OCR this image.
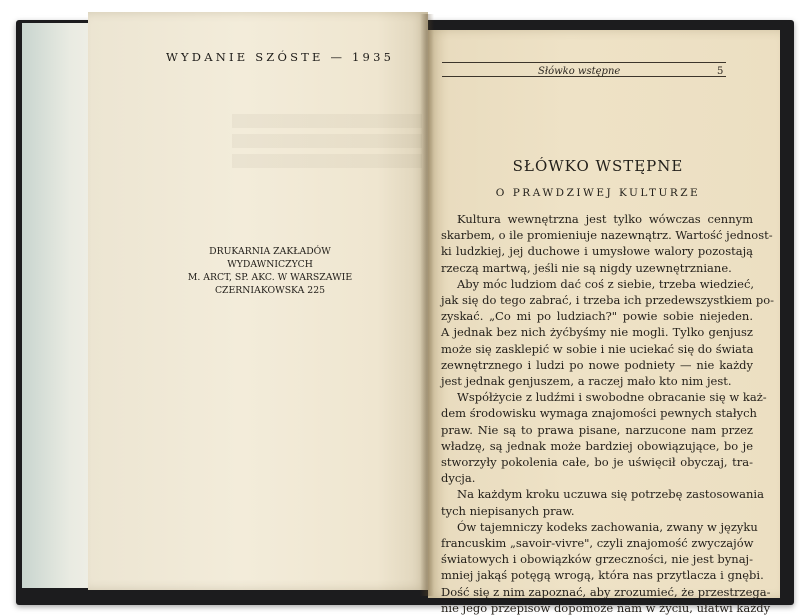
WYDANIE SZÓSTE — 1935
DRUKARNIA ZAKŁADÓW WYDAWNICZYCH
M. ARCT, SP. AKC. W WARSZAWIE
CZERNIAKOWSKA 225
Słówko wstępne	5
SŁÓWKO WSTĘPNE
O PRAWDZIWEJ KULTURZE
Kultura wewnętrzna jest tylko wówczas cennym
skarbem, o ile promieniuje nazewnątrz. Wartość jednost-
ki ludzkiej, jej duchowe i umysłowe walory pozostają
rzeczą martwą, jeśli nie są nigdy uzewnętrzniane.
Aby móc ludziom dać coś z siebie, trzeba wiedzieć,
jak się do tego zabrać, i trzeba ich przedewszystkiem po-
zyskać. „Co mi po ludziach?" powie sobie niejeden.
A jednak bez nich żyćbyśmy nie mogli. Tylko genjusz
może się zasklepić w sobie i nie uciekać się do świata
zewnętrznego i ludzi po nowe podniety — nie każdy
jest jednak genjuszem, a raczej mało kto nim jest.
Współżycie z ludźmi i swobodne obracanie się w każ-
dem środowisku wymaga znajomości pewnych stałych
praw. Nie są to prawa pisane, narzucone nam przez
władzę, są jednak może bardziej obowiązujące, bo je
stworzyły pokolenia całe, bo je uświęcił obyczaj, tra-
dycja.
Na każdym kroku uczuwa się potrzebę zastosowania
tych niepisanych praw.
Ów tajemniczy kodeks zachowania, zwany w języku
francuskim „savoir-vivre", czyli znajomość zwyczajów
światowych i obowiązków grzeczności, nie jest bynaj-
mniej jakąś potęgą wrogą, która nas przytlacza i gnębi.
Dość się z nim zapoznać, aby zrozumieć, że przestrzega-
nie jego przepisów dopomoże nam w życiu, ułatwi każdy
